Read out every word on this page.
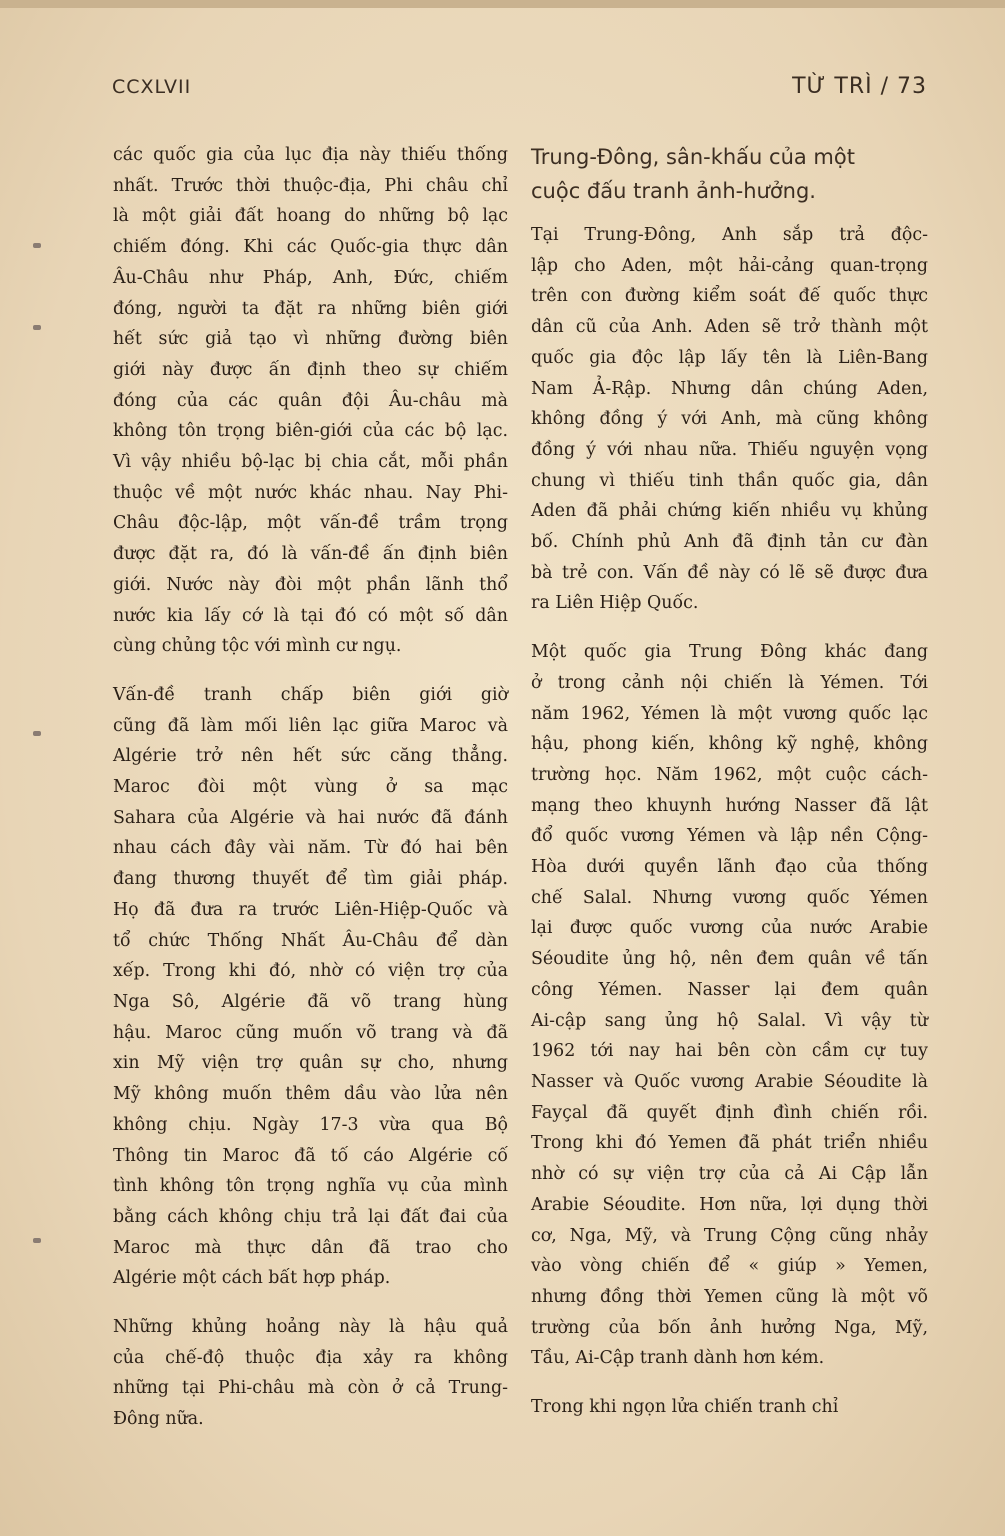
CCXLVII	TỪ TRÌ / 73

các quốc gia của lục địa này thiếu thống
nhất. Trước thời thuộc-địa, Phi châu chỉ
là một giải đất hoang do những bộ lạc
chiếm đóng. Khi các Quốc-gia thực dân
Âu-Châu như Pháp, Anh, Đức, chiếm
đóng, người ta đặt ra những biên giới
hết sức giả tạo vì những đường biên
giới này được ấn định theo sự chiếm
đóng của các quân đội Âu-châu mà
không tôn trọng biên-giới của các bộ lạc.
Vì vậy nhiều bộ-lạc bị chia cắt, mỗi phần
thuộc về một nước khác nhau. Nay Phi-
Châu độc-lập, một vấn-đề trầm trọng
được đặt ra, đó là vấn-đề ấn định biên
giới. Nước này đòi một phần lãnh thổ
nước kia lấy cớ là tại đó có một số dân
cùng chủng tộc với mình cư ngụ.

Vấn-đề tranh chấp biên giới giờ
cũng đã làm mối liên lạc giữa Maroc và
Algérie trở nên hết sức căng thẳng.
Maroc đòi một vùng ở sa mạc
Sahara của Algérie và hai nước đã đánh
nhau cách đây vài năm. Từ đó hai bên
đang thương thuyết để tìm giải pháp.
Họ đã đưa ra trước Liên-Hiệp-Quốc và
tổ chức Thống Nhất Âu-Châu để dàn
xếp. Trong khi đó, nhờ có viện trợ của
Nga Sô, Algérie đã võ trang hùng
hậu. Maroc cũng muốn võ trang và đã
xin Mỹ viện trợ quân sự cho, nhưng
Mỹ không muốn thêm dầu vào lửa nên
không chịu. Ngày 17-3 vừa qua Bộ
Thông tin Maroc đã tố cáo Algérie cố
tình không tôn trọng nghĩa vụ của mình
bằng cách không chịu trả lại đất đai của
Maroc mà thực dân đã trao cho
Algérie một cách bất hợp pháp.

Những khủng hoảng này là hậu quả
của chế-độ thuộc địa xảy ra không
những tại Phi-châu mà còn ở cả Trung-
Đông nữa.

Trung-Đông, sân-khấu của một
cuộc đấu tranh ảnh-hưởng.

Tại Trung-Đông, Anh sắp trả độc-
lập cho Aden, một hải-cảng quan-trọng
trên con đường kiểm soát đế quốc thực
dân cũ của Anh. Aden sẽ trở thành một
quốc gia độc lập lấy tên là Liên-Bang
Nam Ả-Rập. Nhưng dân chúng Aden,
không đồng ý với Anh, mà cũng không
đồng ý với nhau nữa. Thiếu nguyện vọng
chung vì thiếu tinh thần quốc gia, dân
Aden đã phải chứng kiến nhiều vụ khủng
bố. Chính phủ Anh đã định tản cư đàn
bà trẻ con. Vấn đề này có lẽ sẽ được đưa
ra Liên Hiệp Quốc.

Một quốc gia Trung Đông khác đang
ở trong cảnh nội chiến là Yémen. Tới
năm 1962, Yémen là một vương quốc lạc
hậu, phong kiến, không kỹ nghệ, không
trường học. Năm 1962, một cuộc cách-
mạng theo khuynh hướng Nasser đã lật
đổ quốc vương Yémen và lập nền Cộng-
Hòa dưới quyền lãnh đạo của thống
chế Salal. Nhưng vương quốc Yémen
lại được quốc vương của nước Arabie
Séoudite ủng hộ, nên đem quân về tấn
công Yémen. Nasser lại đem quân
Ai-cập sang ủng hộ Salal. Vì vậy từ
1962 tới nay hai bên còn cầm cự tuy
Nasser và Quốc vương Arabie Séoudite là
Fayçal đã quyết định đình chiến rồi.
Trong khi đó Yemen đã phát triển nhiều
nhờ có sự viện trợ của cả Ai Cập lẫn
Arabie Séoudite. Hơn nữa, lợi dụng thời
cơ, Nga, Mỹ, và Trung Cộng cũng nhảy
vào vòng chiến để « giúp » Yemen,
nhưng đồng thời Yemen cũng là một võ
trường của bốn ảnh hưởng Nga, Mỹ,
Tầu, Ai-Cập tranh dành hơn kém.

Trong khi ngọn lửa chiến tranh chỉ
